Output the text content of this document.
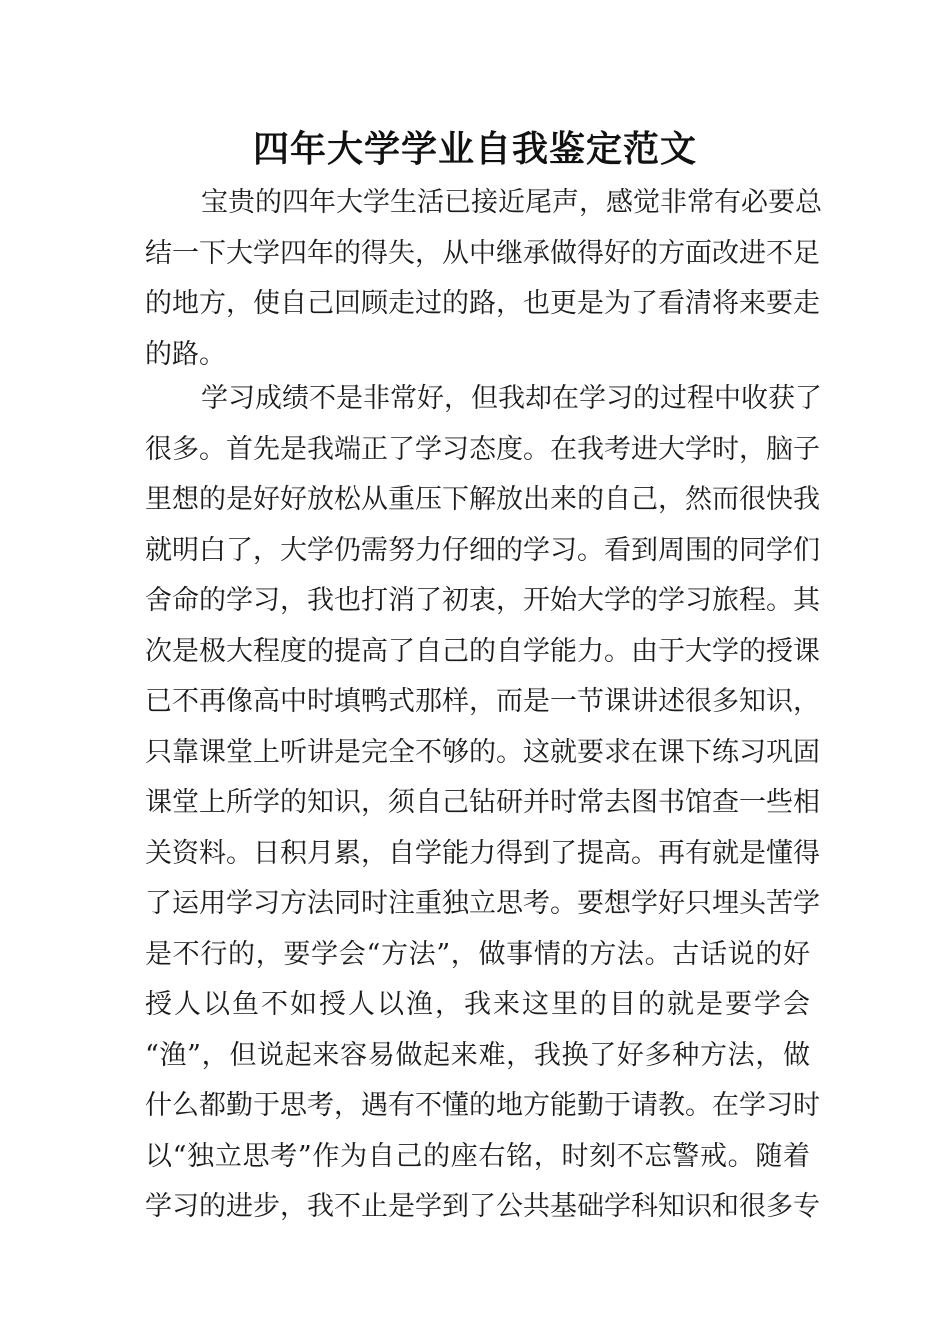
四年大学学业自我鉴定范文
宝贵的四年大学生活已接近尾声，感觉非常有必要总
结一下大学四年的得失，从中继承做得好的方面改进不足
的地方，使自己回顾走过的路，也更是为了看清将来要走
的路。
学习成绩不是非常好，但我却在学习的过程中收获了
很多。首先是我端正了学习态度。在我考进大学时，脑子
里想的是好好放松从重压下解放出来的自己，然而很快我
就明白了，大学仍需努力仔细的学习。看到周围的同学们
舍命的学习，我也打消了初衷，开始大学的学习旅程。其
次是极大程度的提高了自己的自学能力。由于大学的授课
已不再像高中时填鸭式那样，而是一节课讲述很多知识，
只靠课堂上听讲是完全不够的。这就要求在课下练习巩固
课堂上所学的知识，须自己钻研并时常去图书馆查一些相
关资料。日积月累，自学能力得到了提高。再有就是懂得
了运用学习方法同时注重独立思考。要想学好只埋头苦学
是不行的，要学会“方法”，做事情的方法。古话说的好
授人以鱼不如授人以渔，我来这里的目的就是要学会
“渔”，但说起来容易做起来难，我换了好多种方法，做
什么都勤于思考，遇有不懂的地方能勤于请教。在学习时
以“独立思考”作为自己的座右铭，时刻不忘警戒。随着
学习的进步，我不止是学到了公共基础学科知识和很多专
